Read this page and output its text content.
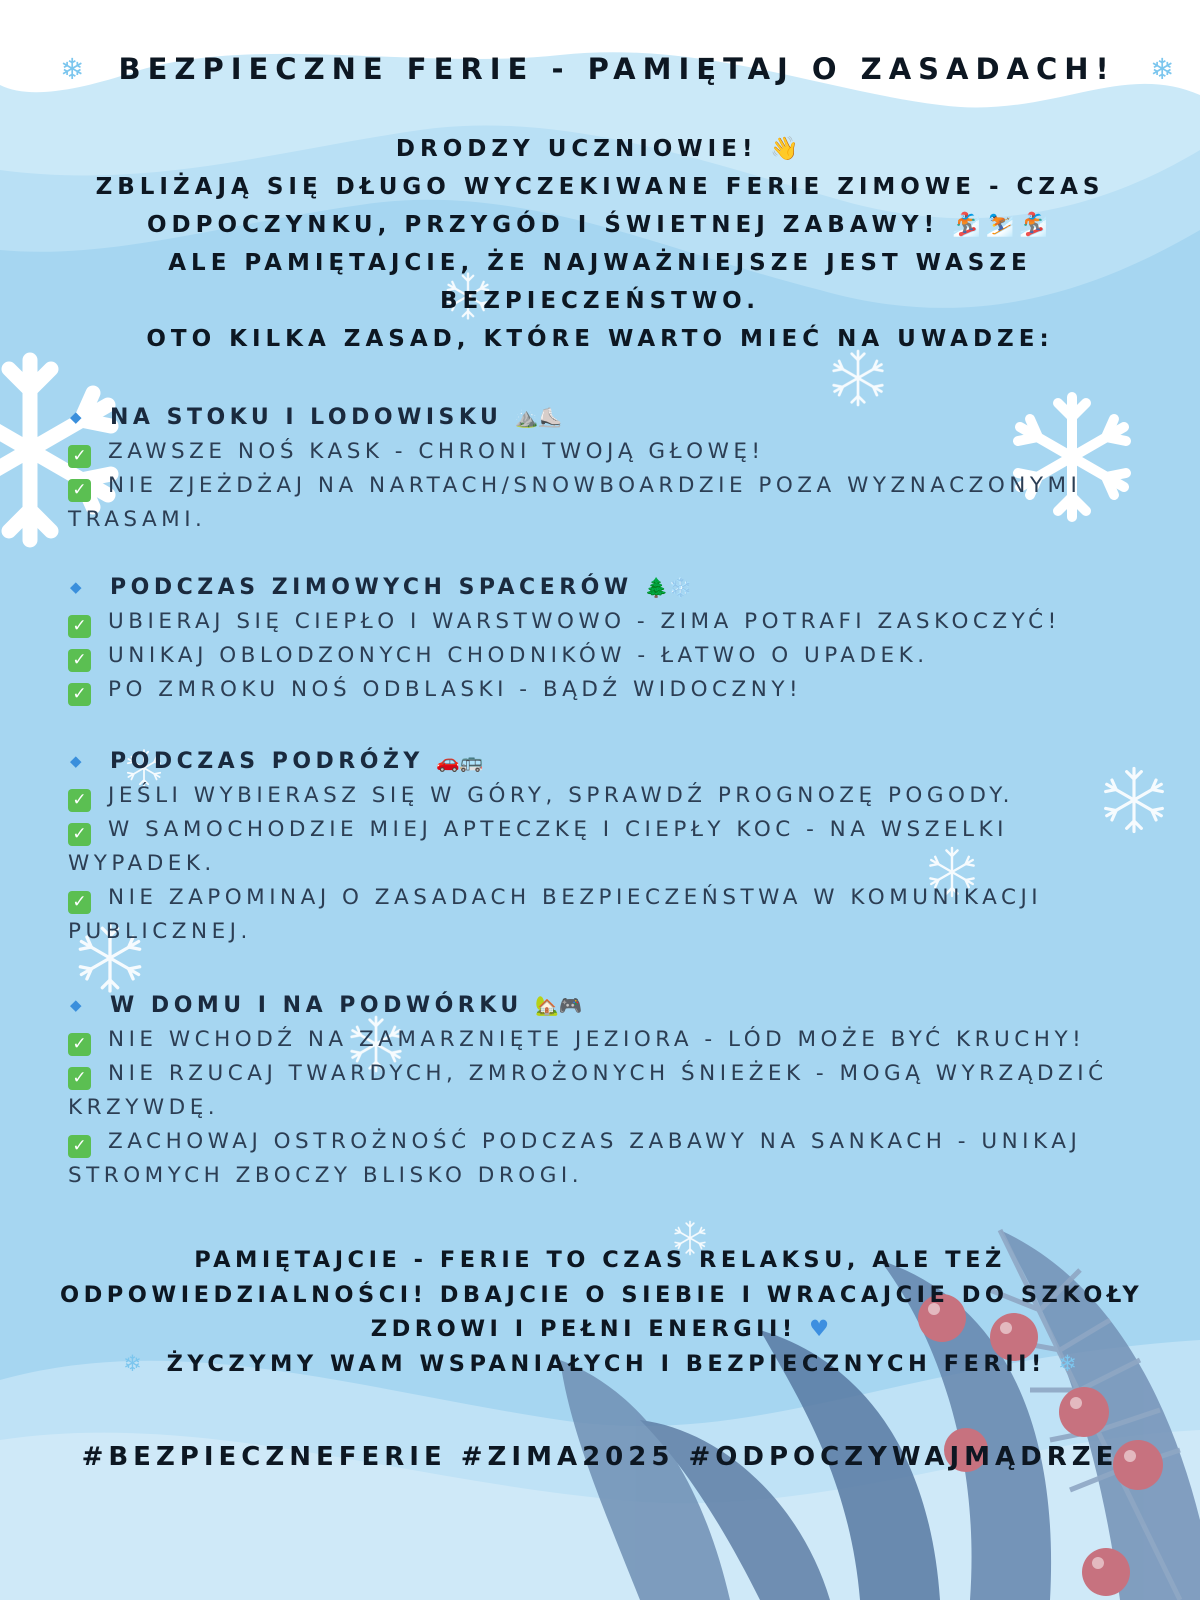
❄ BEZPIECZNE FERIE - PAMIĘTAJ O ZASADACH! ❄
DRODZY UCZNIOWIE! 👋
ZBLIŻAJĄ SIĘ DŁUGO WYCZEKIWANE FERIE ZIMOWE - CZAS
ODPOCZYNKU, PRZYGÓD I ŚWIETNEJ ZABAWY! 🏂⛷️🏂
ALE PAMIĘTAJCIE, ŻE NAJWAŻNIEJSZE JEST WASZE
BEZPIECZEŃSTWO.
OTO KILKA ZASAD, KTÓRE WARTO MIEĆ NA UWADZE:
◆ NA STOKU I LODOWISKU ⛰️⛸️
✓ ZAWSZE NOŚ KASK - CHRONI TWOJĄ GŁOWĘ!
✓ NIE ZJEŻDŻAJ NA NARTACH/SNOWBOARDZIE POZA WYZNACZONYMI TRASAMI.
◆ PODCZAS ZIMOWYCH SPACERÓW 🌲❄️
✓ UBIERAJ SIĘ CIEPŁO I WARSTWOWO - ZIMA POTRAFI ZASKOCZYĆ!
✓ UNIKAJ OBLODZONYCH CHODNIKÓW - ŁATWO O UPADEK.
✓ PO ZMROKU NOŚ ODBLASKI - BĄDŹ WIDOCZNY!
◆ PODCZAS PODRÓŻY 🚗🚌
✓ JEŚLI WYBIERASZ SIĘ W GÓRY, SPRAWDŹ PROGNOZĘ POGODY.
✓ W SAMOCHODZIE MIEJ APTECZKĘ I CIEPŁY KOC - NA WSZELKI WYPADEK.
✓ NIE ZAPOMINAJ O ZASADACH BEZPIECZEŃSTWA W KOMUNIKACJI PUBLICZNEJ.
◆ W DOMU I NA PODWÓRKU 🏡🎮
✓ NIE WCHODŹ NA ZAMARZNIĘTE JEZIORA - LÓD MOŻE BYĆ KRUCHY!
✓ NIE RZUCAJ TWARDYCH, ZMROŻONYCH ŚNIEŻEK - MOGĄ WYRZĄDZIĆ KRZYWDĘ.
✓ ZACHOWAJ OSTROŻNOŚĆ PODCZAS ZABAWY NA SANKACH - UNIKAJ STROMYCH ZBOCZY BLISKO DROGI.
PAMIĘTAJCIE - FERIE TO CZAS RELAKSU, ALE TEŻ
ODPOWIEDZIALNOŚCI! DBAJCIE O SIEBIE I WRACAJCIE DO SZKOŁY
ZDROWI I PEŁNI ENERGII! ♥
❄ ŻYCZYMY WAM WSPANIAŁYCH I BEZPIECZNYCH FERII! ❄
#BEZPIECZNEFERIE #ZIMA2025 #ODPOCZYWAJMĄDRZE
